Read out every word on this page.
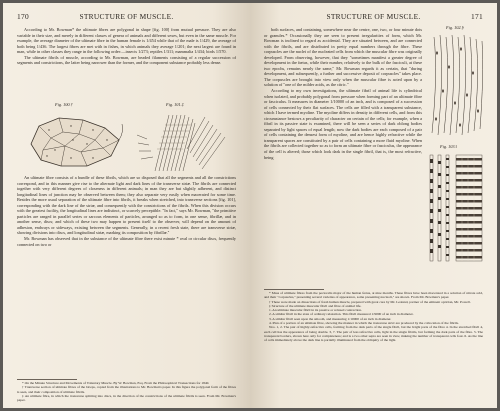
170	STRUCTURE OF MUSCLE.

According to Mr. Bowman* the ultimate fibres are polygonal in shape [fig. 100] from mutual pressure. They are also variable in their size, and merely in different classes of genera of animals and different sexes, but even in the same muscle. For example, the average diameter of the ultimate fibre in the human female is 1/454 while that of the male is 1/429, the average of both being 1/436. The largest fibres are met with in fishes, in which animals they average 1/201; the next largest are found in man, while in other classes they range in the following order:—insects 1/273; reptiles 1/311; mammalia 1/434; birds 1/570.

The ultimate fibrils of muscle, according to Mr. Bowman, are beaded filaments consisting of a regular succession of segments and constrictions, the latter being narrower than the former, and the component substance probably less dense.

Fig. 100.†	Fig. 101.‡

An ultimate fibre consists of a bundle of these fibrils, which are so disposed that all the segments and all the constrictions correspond, and in this manner give rise to the alternate light and dark lines of the transverse striæ. The fibrils are connected together with very different degrees of closeness in different animals; in man they are but slightly adherent, and distinct longitudinal lines of junction may be observed between them; they also separate very easily when macerated for some time. Besides the more usual separation of the ultimate fibre into fibrils, it breaks when stretched, into transverse sections [fig. 101], corresponding with the dark line of the striæ, and consequently with the constrictions of the fibrils. When this division occurs with the greatest facility, the longitudinal lines are indistinct, or scarcely perceptible. "In fact," says Mr. Bowman, "the primitive particles are ranged in parallel series or sarcous elements of particles, arranged so as to form, in one sense, fibrillæ, and in another sense, discs; and which of these two may happen to present itself to the observer, will depend on the amount of adhesion, endways or sideways, existing between the segments. Generally, in a recent fresh state, there are transverse striæ, showing divisions into discs, and longitudinal striæ, marking its composition by fibrillæ."

Mr. Bowman has observed that in the substance of the ultimate fibre there exist minute * oval or circular discs, frequently connected on two or

* On the Minute Structure and Movements of Voluntary Muscle. By W. Bowman, Esq. From the Philosophical Transactions for 1840.

† Transverse section of ultimate fibres of the biceps, copied from the illustrations to Mr. Bowman's paper. In this figure the polygonal form of the fibres is seen, and their composition of ultimate fibrils.

‡ An ultimate fibre, in which the transverse splitting into discs, in the direction of the constrictions of the ultimate fibrils is seen. From Mr. Bowman's paper.

STRUCTURE OF MUSCLE.	171

both surfaces, and containing, somewhere near the centre, one, two, or four minute dots or granules.* Occasionally they are seen to present irregularities of form, which Mr. Bowman is inclined to regard as accidental. They are situated between, and are connected with the fibrils, and are distributed in pretty equal numbers through the fibre. These corpuscles are the nuclei of the nucleated cells from which the muscular fibre was originally developed. From observing, however, that they "sometimes manifest a greater degree of development in the fœtus, while their number, relatively to the bulk of the fasciculi, at these two epochs, remains nearly the same," Mr. Bowman regards it as certain, that "during development, and subsequently, a further and successive deposit of corpuscles" takes place. The corpuscles are brought into view only when the muscular fibre is acted upon by a solution of "one of the milder acids, as the citric."

According to my own investigations, the ultimate fibril of animal life is cylindrical when isolated, and probably polygonal from pressure when forming part of an ultimate fibre or fasciculus. It measures in diameter 1/10000 of an inch, and is composed of a succession of cells connected by their flat surfaces. The cells are filled with a transparent substance, which I have termed myoline. The myoline differs in density in different cells, and from this circumstance bestows a peculiarity of character on certain of the cells; for example, when a fibril in its passive state is examined, there will be seen a series of dark oblong bodies separated by light spaces of equal length; now the dark bodies are each composed of a pair of cells containing the densest form of myoline, and are hence highly refractive while the transparent spaces are constituted by a pair of cells containing a more fluid myoline. When the fibrils are collected together so as to form an ultimate fibre or fasciculus, the appearance of the cell is altered; those which look dark in the single fibril, that is, the most refractive, being

Fig. 102.§
Fig. 103.‖

* Mass of ultimate fibres from the pectoralis major of the human fœtus, at nine months. These fibres have been macerated in a solution of nitrate acid, and their "corpuscles," presenting several varieties of appearance, some presenting nucleoli," are shown. From Mr. Bowman's paper.

† These were made on dissections of fresh human muscle, prepared with great care by Mr. Lealand, partner of the eminent optician, Mr. Powell.

‡ Structure of the ultimate muscular fibril and fibre of animal life.

1. An ultimate muscular fibril in its passive or relaxed contraction.

2. A similar fibril in the state of ordinary relaxation. This fibril measured 1/9000 of an inch in diameter.

3. A similar fibril seen upon the smooth, and measuring 1/10000 of an inch in diameter.

4. Plan of a portion of an ultimate fibre, showing the manner in which the transverse striæ are produced by the collocation of the fibrils.

Nos. 1, 2. The pair of highly-refractive cells, forming from the dark parts of the single fibril, but the bright parts of the fibre 4. In the stretched fibril 4, each cell has the appearance of being double. 3, 7. The pair of less refractive cells, light in the single fibrils, but forming the dark parts of the fibre. 5. The transparent borders, shown here only for completeness; and is a two other septa are seen in view, making the number of transparent cells four. 6. As the line of cells immediately above the dark line is partially illuminated from the obliquity of the light.
